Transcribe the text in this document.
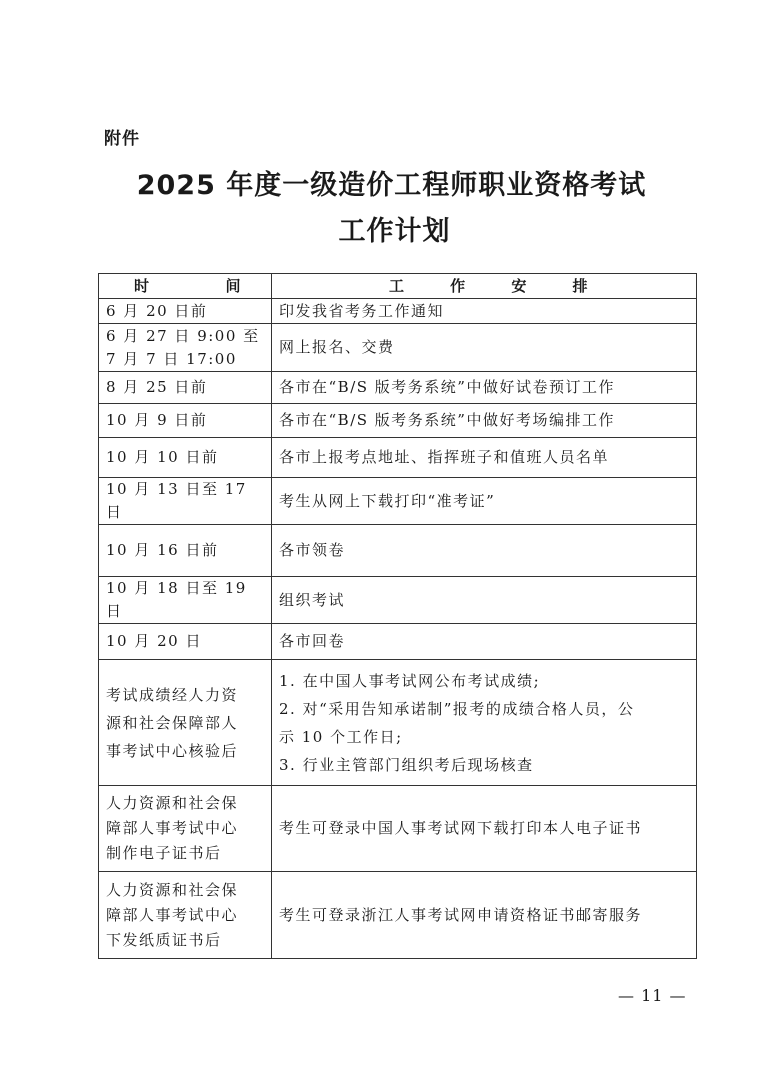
附件
2025 年度一级造价工程师职业资格考试
工作计划
时 间	工 作 安 排

6 月 20 日前	印发我省考务工作通知
6 月 27 日 9:00 至
7 月 7 日 17:00	网上报名、交费
8 月 25 日前	各市在“B/S 版考务系统”中做好试卷预订工作
10 月 9 日前	各市在“B/S 版考务系统”中做好考场编排工作
10 月 10 日前	各市上报考点地址、指挥班子和值班人员名单
10 月 13 日至 17 日	考生从网上下载打印“准考证”
10 月 16 日前	各市领卷
10 月 18 日至 19 日	组织考试
10 月 20 日	各市回卷
考试成绩经人力资
源和社会保障部人
事考试中心核验后	1. 在中国人事考试网公布考试成绩;
2. 对“采用告知承诺制”报考的成绩合格人员，公
示 10 个工作日;
3. 行业主管部门组织考后现场核查
人力资源和社会保
障部人事考试中心
制作电子证书后	考生可登录中国人事考试网下载打印本人电子证书
人力资源和社会保
障部人事考试中心
下发纸质证书后	考生可登录浙江人事考试网申请资格证书邮寄服务
— 11 —
